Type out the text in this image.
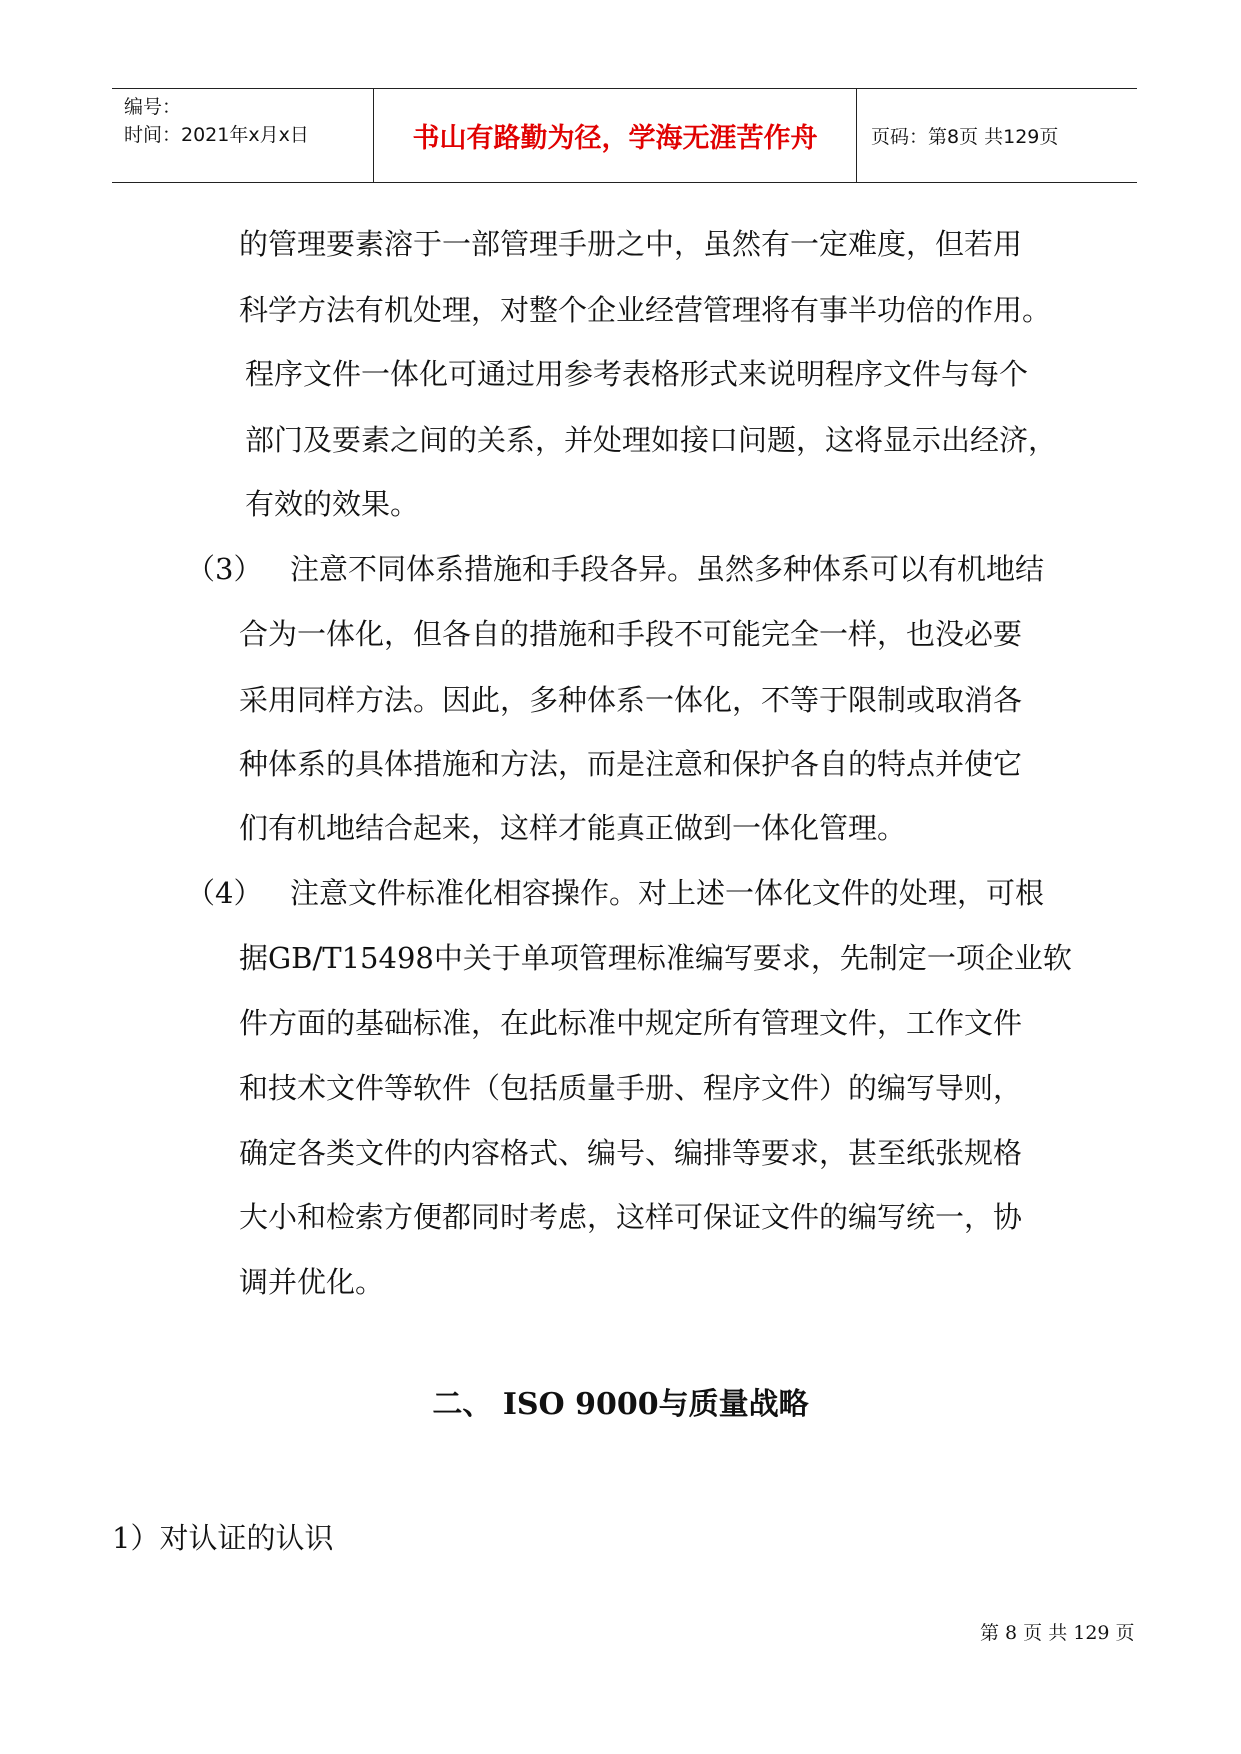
编号：
时间：2021年x月x日	书山有路勤为径，学海无涯苦作舟	页码：第8页 共129页
的管理要素溶于一部管理手册之中，虽然有一定难度，但若用
科学方法有机处理，对整个企业经营管理将有事半功倍的作用。
程序文件一体化可通过用参考表格形式来说明程序文件与每个
部门及要素之间的关系，并处理如接口问题，这将显示出经济，
有效的效果。
（3） 注意不同体系措施和手段各异。虽然多种体系可以有机地结
合为一体化，但各自的措施和手段不可能完全一样，也没必要
采用同样方法。因此，多种体系一体化，不等于限制或取消各
种体系的具体措施和方法，而是注意和保护各自的特点并使它
们有机地结合起来，这样才能真正做到一体化管理。
（4） 注意文件标准化相容操作。对上述一体化文件的处理，可根
据GB/T15498中关于单项管理标准编写要求，先制定一项企业软
件方面的基础标准，在此标准中规定所有管理文件，工作文件
和技术文件等软件（包括质量手册、程序文件）的编写导则，
确定各类文件的内容格式、编号、编排等要求，甚至纸张规格
大小和检索方便都同时考虑，这样可保证文件的编写统一，协
调并优化。
二、 ISO 9000与质量战略
1）对认证的认识
第 8 页 共 129 页
